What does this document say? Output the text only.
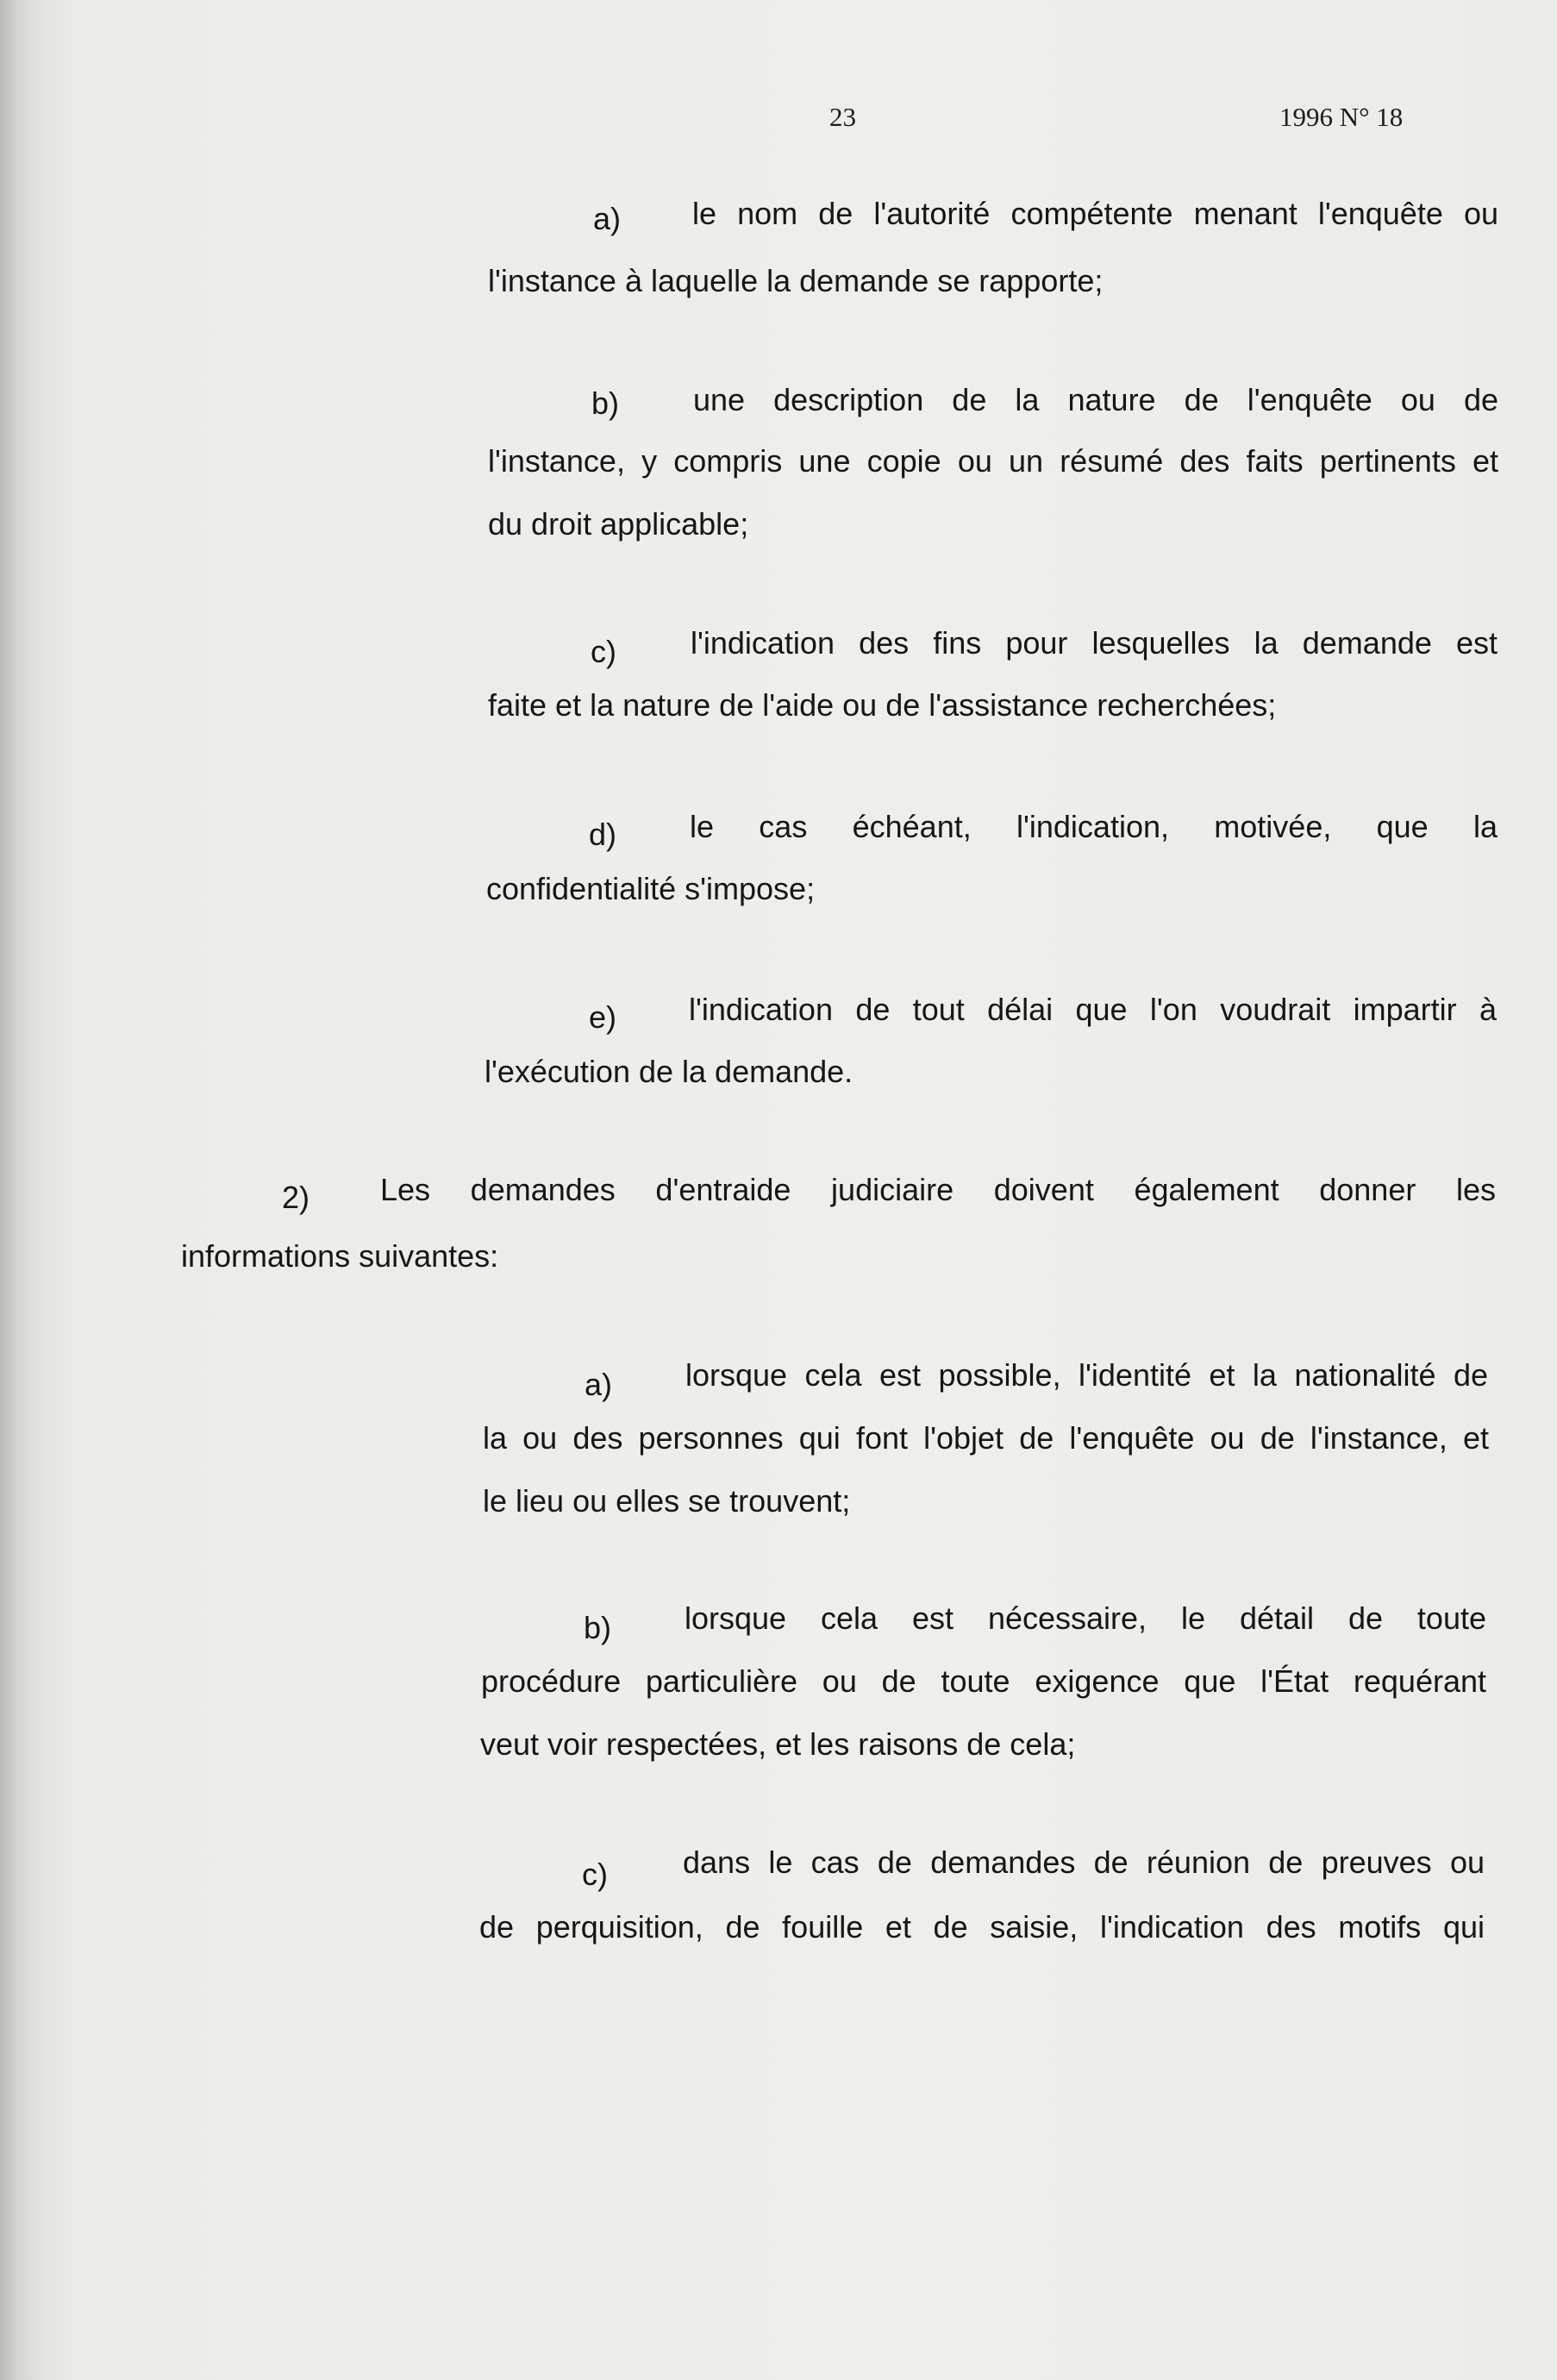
23	1996 N° 18
a) le nom de l'autorité compétente menant l'enquête ou
l'instance à laquelle la demande se rapporte;
b) une description de la nature de l'enquête ou de
l'instance, y compris une copie ou un résumé des faits pertinents et
du droit applicable;
c) l'indication des fins pour lesquelles la demande est
faite et la nature de l'aide ou de l'assistance recherchées;
d) le cas échéant, l'indication, motivée, que la
confidentialité s'impose;
e) l'indication de tout délai que l'on voudrait impartir à
l'exécution de la demande.
2) Les demandes d'entraide judiciaire doivent également donner les
informations suivantes:
a) lorsque cela est possible, l'identité et la nationalité de
la ou des personnes qui font l'objet de l'enquête ou de l'instance, et
le lieu ou elles se trouvent;
b) lorsque cela est nécessaire, le détail de toute
procédure particulière ou de toute exigence que l'État requérant
veut voir respectées, et les raisons de cela;
c) dans le cas de demandes de réunion de preuves ou
de perquisition, de fouille et de saisie, l'indication des motifs qui
